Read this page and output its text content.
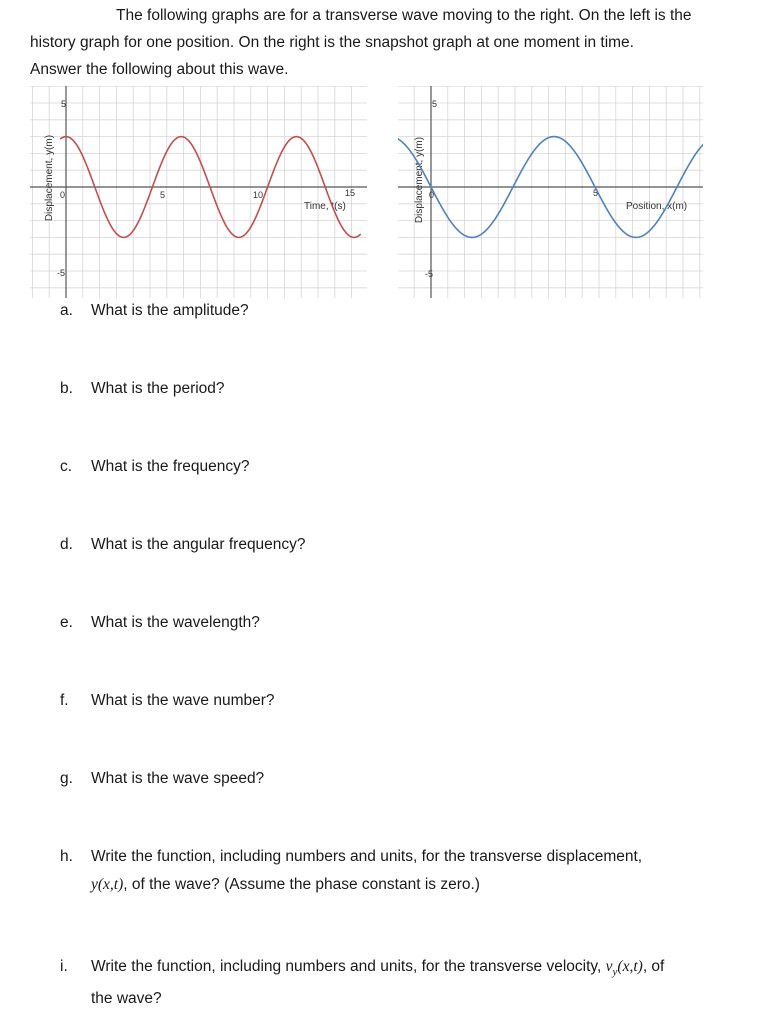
The following graphs are for a transverse wave moving to the right. On the left is the
history graph for one position. On the right is the snapshot graph at one moment in time.
Answer the following about this wave.
Displacement, y(m)
5
-5
0	5	10	15
Time, t(s)	Displacement, y(m)
5
-5
0	5
Position, x(m)
a.	What is the amplitude?
b.	What is the period?
c.	What is the frequency?
d.	What is the angular frequency?
e.	What is the wavelength?
f.	What is the wave number?
g.	What is the wave speed?
h.	Write the function, including numbers and units, for the transverse displacement,
y(x,t), of the wave? (Assume the phase constant is zero.)
i.	Write the function, including numbers and units, for the transverse velocity, $v_y(x,t)$, of
the wave?
